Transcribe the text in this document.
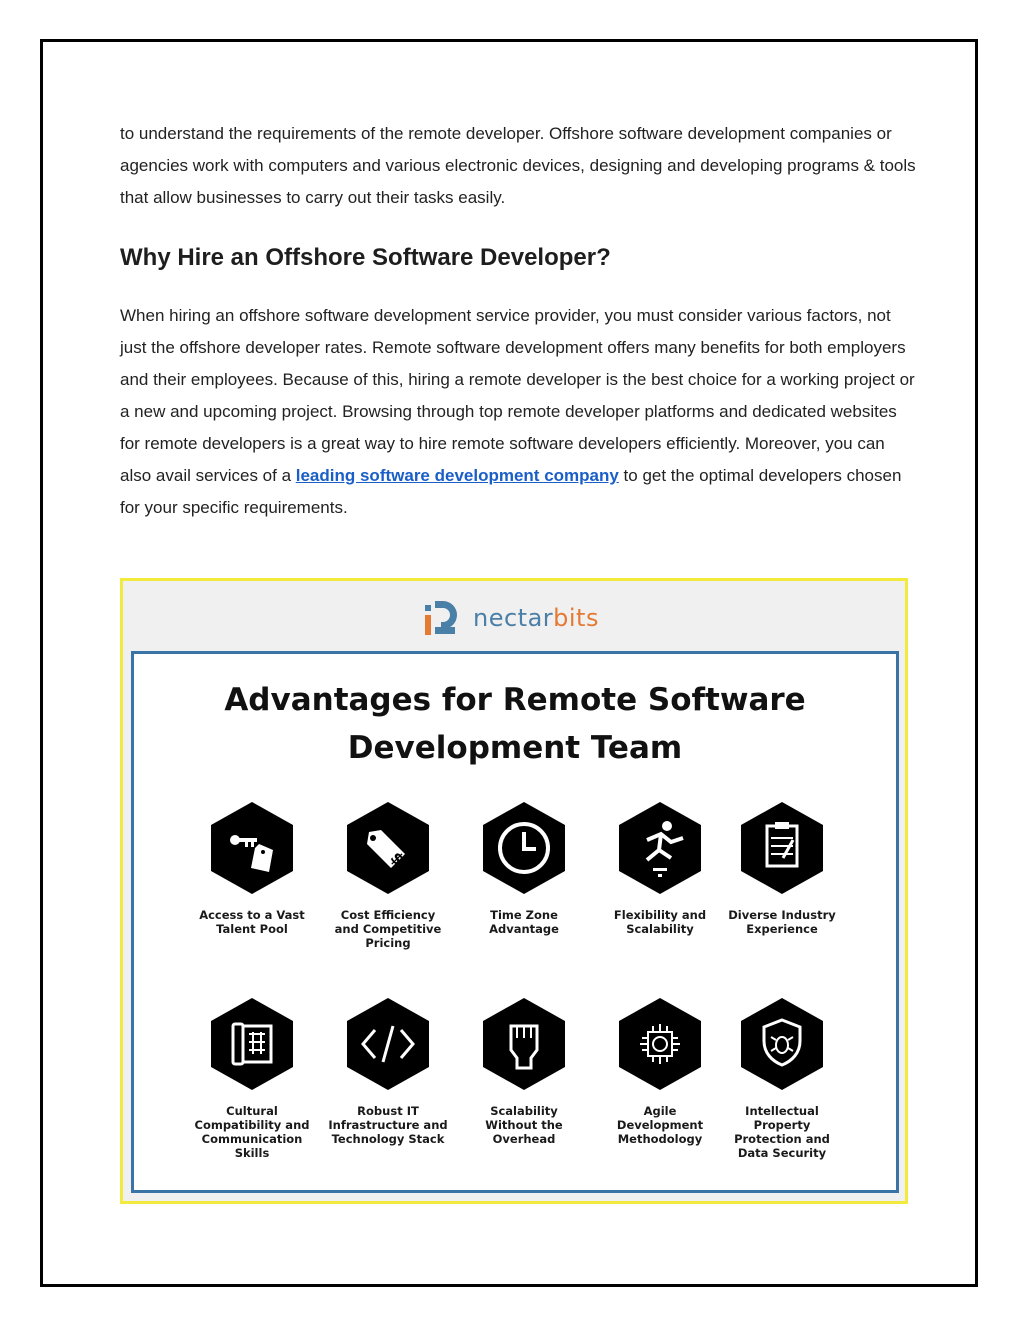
to understand the requirements of the remote developer. Offshore software development companies or agencies work with computers and various electronic devices, designing and developing programs & tools that allow businesses to carry out their tasks easily.

Why Hire an Offshore Software Developer?

When hiring an offshore software development service provider, you must consider various factors, not just the offshore developer rates. Remote software development offers many benefits for both employers and their employees. Because of this, hiring a remote developer is the best choice for a working project or a new and upcoming project. Browsing through top remote developer platforms and dedicated websites for remote developers is a great way to hire remote software developers efficiently. Moreover, you can also avail services of a leading software development company to get the optimal developers chosen for your specific requirements.

nectarbits
Advantages for Remote Software
Development Team
Access to a Vast Talent Pool
$
Cost Efficiency and Competitive Pricing
Time Zone Advantage
Flexibility and Scalability
Diverse Industry Experience
Cultural Compatibility and Communication Skills
Robust IT Infrastructure and Technology Stack
Scalability Without the Overhead
Agile Development Methodology
Intellectual Property Protection and Data Security
